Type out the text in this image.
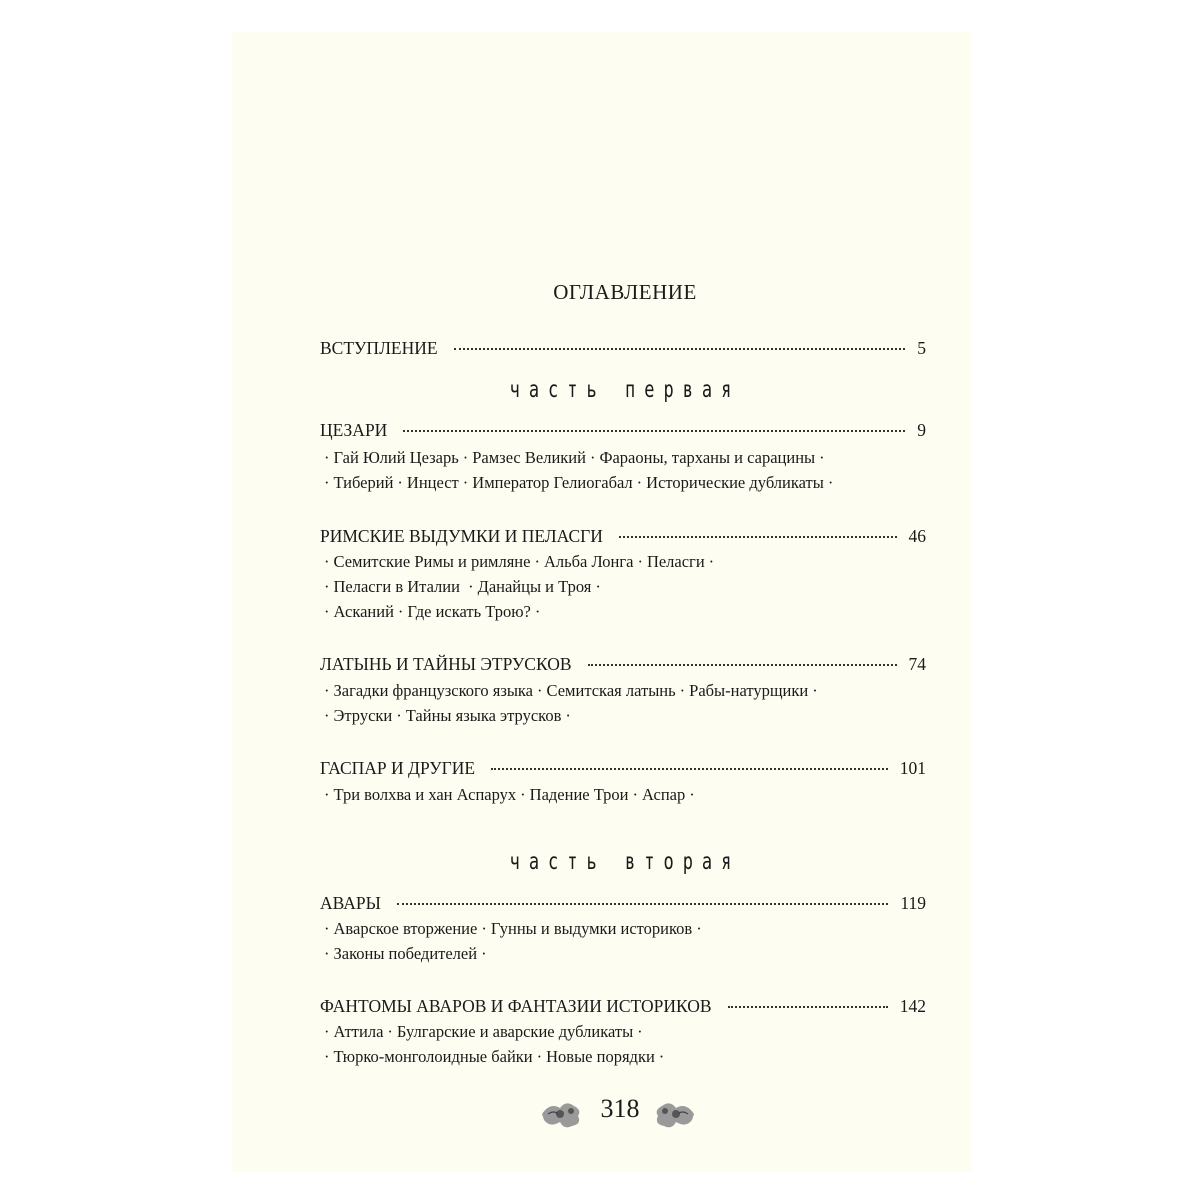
ОГЛАВЛЕНИЕ
ВСТУПЛЕНИЕ	5
часть первая
ЦЕЗАРИ	9
· Гай Юлий Цезарь · Рамзес Великий · Фараоны, тарханы и сарацины ·
· Тиберий · Инцест · Император Гелиогабал · Исторические дубликаты ·
РИМСКИЕ ВЫДУМКИ И ПЕЛАСГИ	46
· Семитские Римы и римляне · Альба Лонга · Пеласги ·
· Пеласги в Италии · Данайцы и Троя ·
· Асканий · Где искать Трою? ·
ЛАТЫНЬ И ТАЙНЫ ЭТРУСКОВ	74
· Загадки французского языка · Семитская латынь · Рабы-натурщики ·
· Этруски · Тайны языка этрусков ·
ГАСПАР И ДРУГИЕ	101
· Три волхва и хан Аспарух · Падение Трои · Аспар ·
часть вторая
АВАРЫ	119
· Аварское вторжение · Гунны и выдумки историков ·
· Законы победителей ·
ФАНТОМЫ АВАРОВ И ФАНТАЗИИ ИСТОРИКОВ	142
· Аттила · Булгарские и аварские дубликаты ·
· Тюрко-монголоидные байки · Новые порядки ·
318
